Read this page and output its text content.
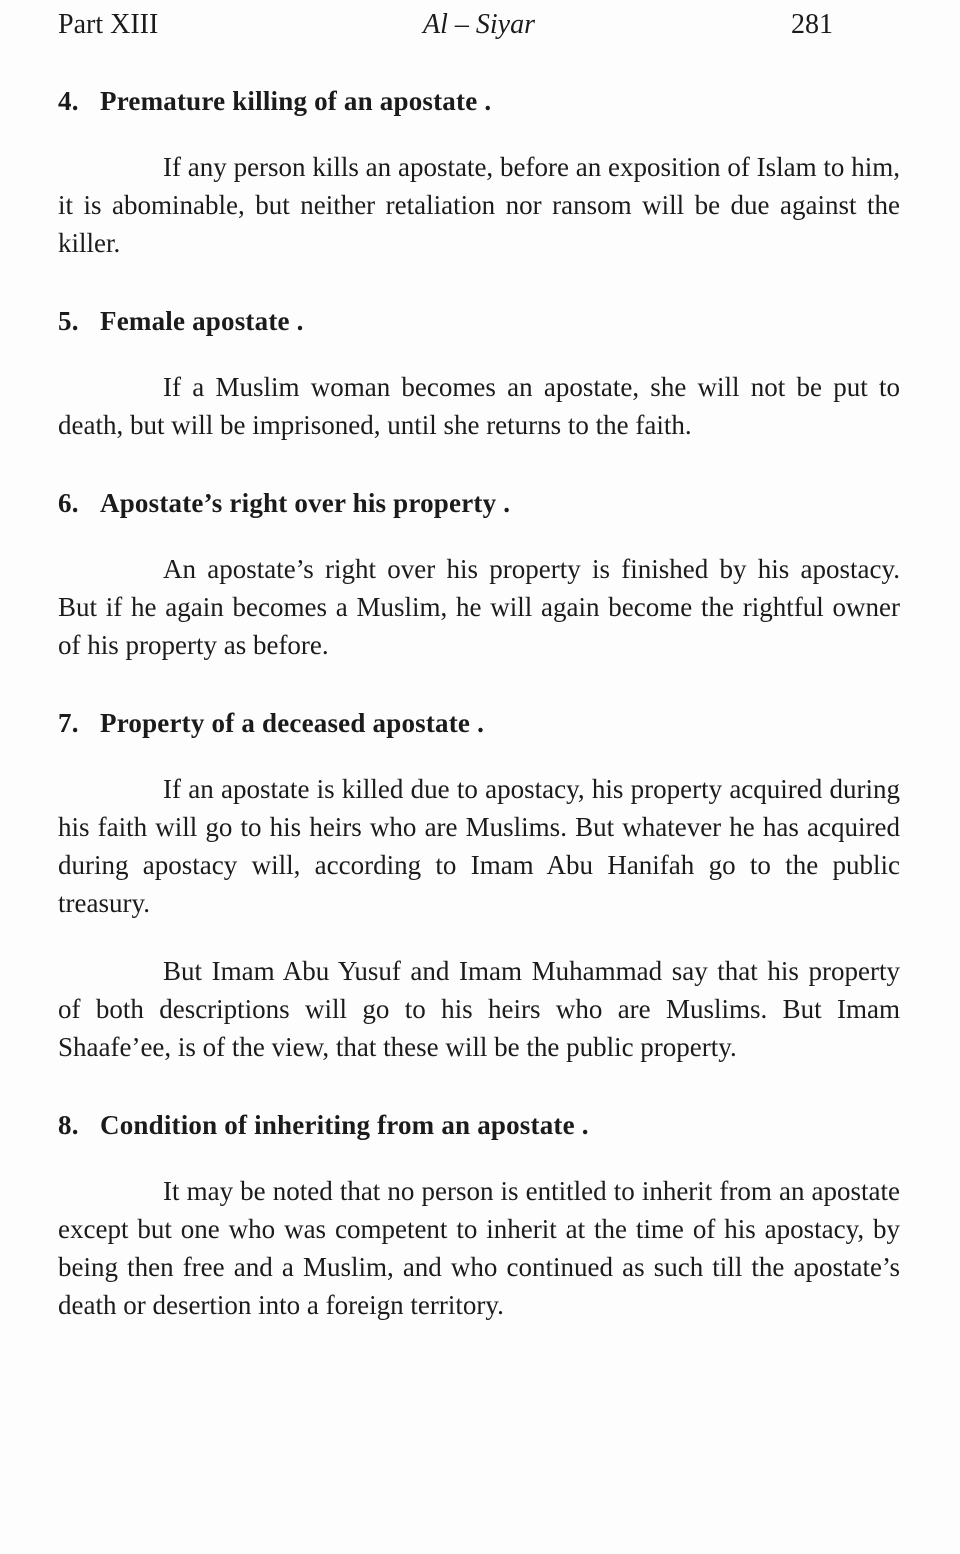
Part XIII	Al – Siyar	281
4. Premature killing of an apostate .

If any person kills an apostate, before an exposition of Islam to him, it is abominable, but neither retaliation nor ransom will be due against the killer.

5. Female apostate .

If a Muslim woman becomes an apostate, she will not be put to death, but will be imprisoned, until she returns to the faith.

6. Apostate’s right over his property .

An apostate’s right over his property is finished by his apostacy. But if he again becomes a Muslim, he will again become the rightful owner of his property as before.

7. Property of a deceased apostate .

If an apostate is killed due to apostacy, his property acquired during his faith will go to his heirs who are Muslims. But whatever he has acquired during apostacy will, according to Imam Abu Hanifah go to the public treasury.

But Imam Abu Yusuf and Imam Muhammad say that his property of both descriptions will go to his heirs who are Muslims. But Imam Shaafe’ee, is of the view, that these will be the public property.

8. Condition of inheriting from an apostate .

It may be noted that no person is entitled to inherit from an apostate except but one who was competent to inherit at the time of his apostacy, by being then free and a Muslim, and who continued as such till the apostate’s death or desertion into a foreign territory.
